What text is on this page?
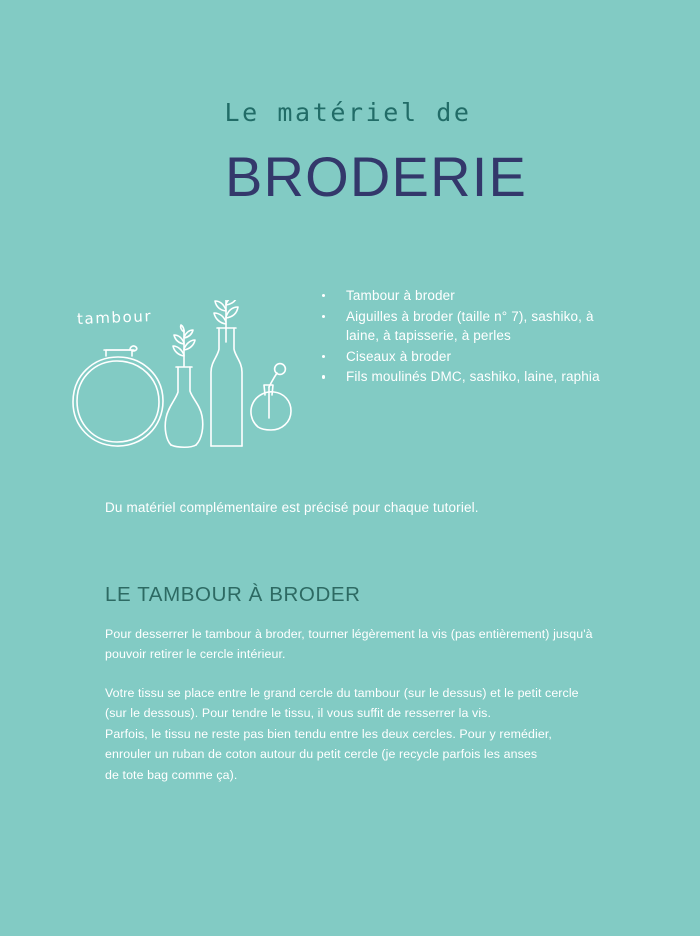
Le matériel de
BRODERIE
tambour
Tambour à broder
Aiguilles à broder (taille n° 7), sashiko, à laine, à tapisserie, à perles
Ciseaux à broder
Fils moulinés DMC, sashiko, laine, raphia
Du matériel complémentaire est précisé pour chaque tutoriel.
LE TAMBOUR À BRODER

Pour desserrer le tambour à broder, tourner légèrement la vis (pas entièrement) jusqu'à pouvoir retirer le cercle intérieur.

Votre tissu se place entre le grand cercle du tambour (sur le dessus) et le petit cercle
(sur le dessous). Pour tendre le tissu, il vous suffit de resserrer la vis.
Parfois, le tissu ne reste pas bien tendu entre les deux cercles. Pour y remédier,
enrouler un ruban de coton autour du petit cercle (je recycle parfois les anses
de tote bag comme ça).
